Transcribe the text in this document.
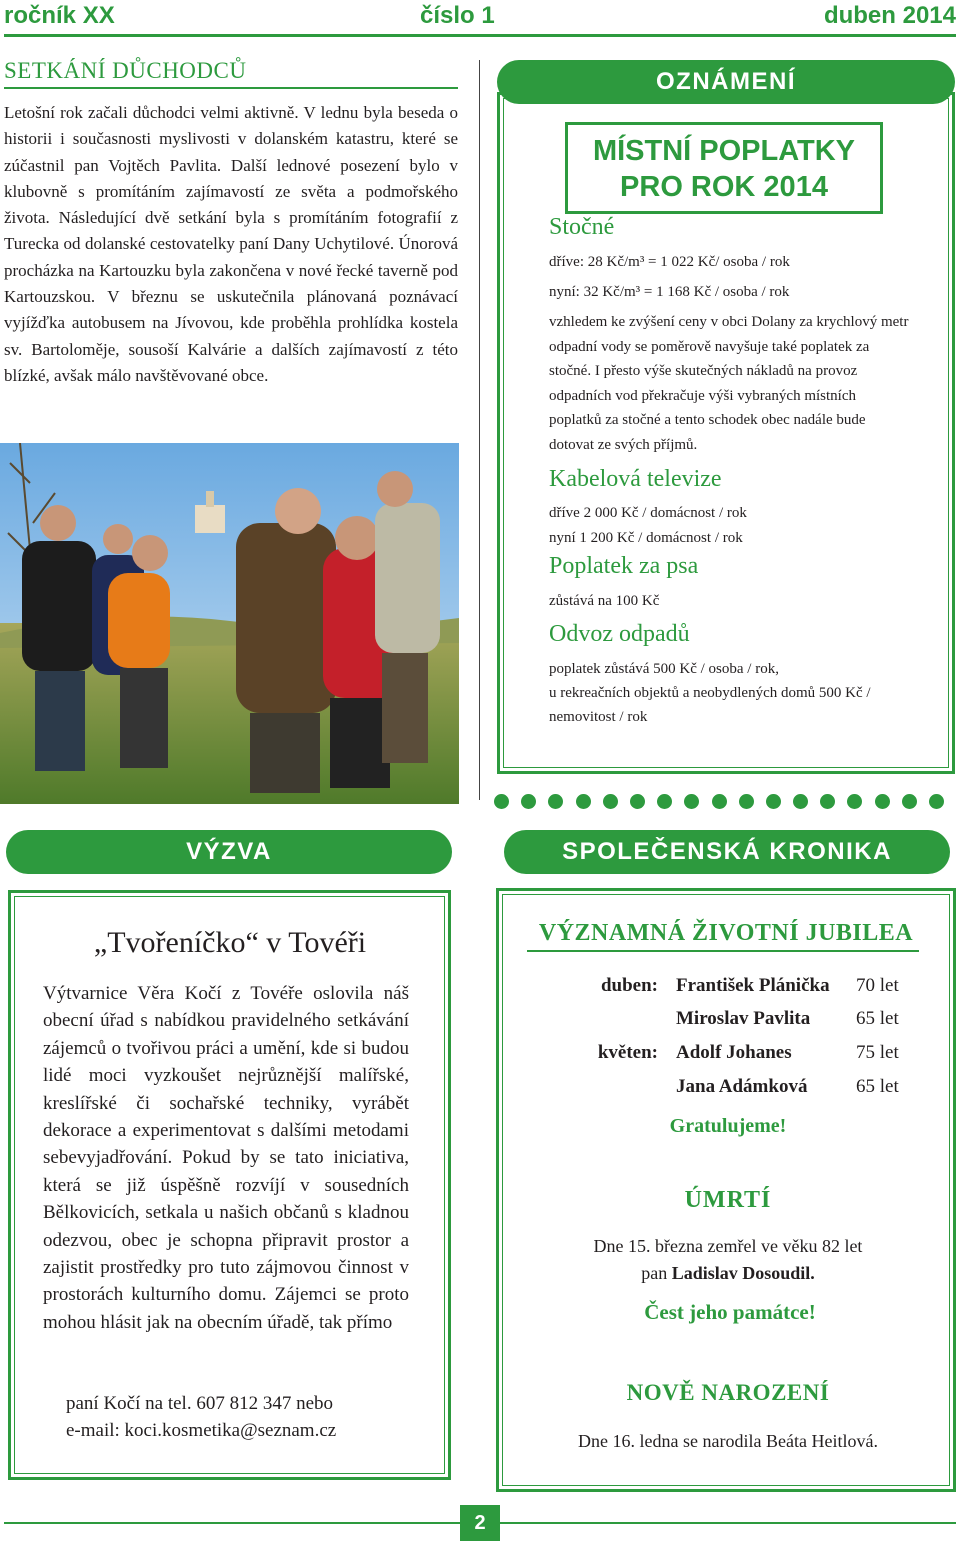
ročník XX	číslo 1	duben 2014
SETKÁNÍ DŮCHODCŮ
Letošní rok začali důchodci velmi aktivně. V lednu byla beseda o historii i současnosti myslivosti v dolanském katastru, které se zúčastnil pan Vojtěch Pavlita. Další lednové posezení bylo v klubovně s promítáním zajímavostí ze světa a podmořského života. Následující dvě setkání byla s promítáním fotografií z Turecka od dolanské cestovatelky paní Dany Uchytilové. Únorová procházka na Kartouzku byla zakončena v nové řecké taverně pod Kartouzskou. V březnu se uskutečnila plánovaná poznávací vyjížďka autobusem na Jívovou, kde proběhla prohlídka kostela sv. Bartoloměje, sousoší Kalvárie a dalších zajímavostí z této blízké, avšak málo navštěvované obce.
OZNÁMENÍ
MÍSTNÍ POPLATKY
PRO ROK 2014
Stočné
dříve: 28 Kč/m³ = 1 022 Kč/ osoba / rok
nyní: 32 Kč/m³ = 1 168 Kč / osoba / rok
vzhledem ke zvýšení ceny v obci Dolany za krychlový metr odpadní vody se poměrově navyšuje také poplatek za stočné. I přesto výše skutečných nákladů na provoz odpadních vod překračuje výši vybraných místních poplatků za stočné a tento schodek obec nadále bude dotovat ze svých příjmů.
Kabelová televize
dříve 2 000 Kč / domácnost / rok
nyní 1 200 Kč / domácnost / rok
Poplatek za psa
zůstává na 100 Kč
Odvoz odpadů
poplatek zůstává 500 Kč / osoba / rok,
u rekreačních objektů a neobydlených domů 500 Kč /
nemovitost / rok
VÝZVA
„Tvořeníčko“ v Tovéři
Výtvarnice Věra Kočí z Tovéře oslovila náš obecní úřad s nabídkou pravidelného setkávání zájemců o tvořivou práci a umění, kde si budou lidé moci vyzkoušet nejrůznější malířské, kreslířské či sochařské techniky, vyrábět dekorace a experimentovat s dalšími metodami sebevyjadřování. Pokud by se tato iniciativa, která se již úspěšně rozvíjí v sousedních Bělkovicích, setkala u našich občanů s kladnou odezvou, obec je schopna připravit prostor a zajistit prostředky pro tuto zájmovou činnost v prostorách kulturního domu. Zájemci se proto mohou hlásit jak na obecním úřadě, tak přímo
paní Kočí na tel. 607 812 347 nebo
e-mail: koci.kosmetika@seznam.cz
SPOLEČENSKÁ KRONIKA
VÝZNAMNÁ ŽIVOTNÍ JUBILEA
duben: František Plánička 70 let
Miroslav Pavlita 65 let
květen: Adolf Johanes	75 let
Jana Adámková	65 let
Gratulujeme!
ÚMRTÍ
Dne 15. března zemřel ve věku 82 let
pan Ladislav Dosoudil.
Čest jeho památce!
NOVĚ NAROZENÍ
Dne 16. ledna se narodila Beáta Heitlová.
2
